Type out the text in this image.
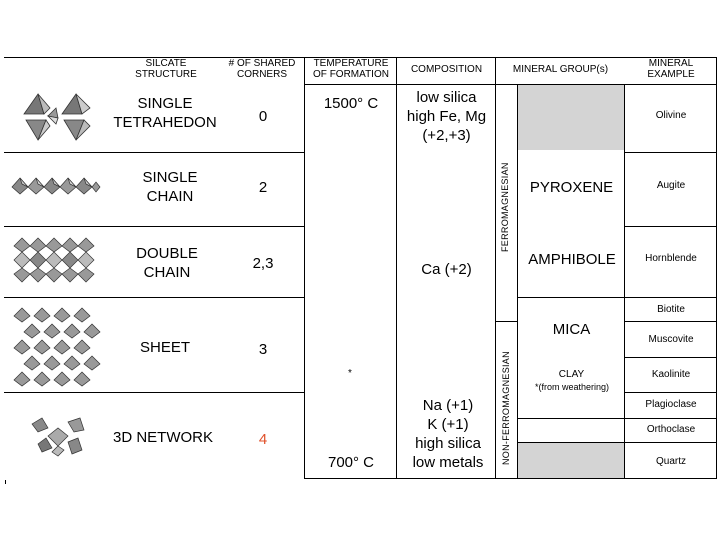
SILCATE
STRUCTURE
# OF SHARED
CORNERS
TEMPERATURE
OF FORMATION	COMPOSITION	MINERAL GROUP(s)
MINERAL
EXAMPLE
SINGLE
TETRAHEDON
SINGLE
CHAIN
DOUBLE
CHAIN
SHEET
3D NETWORK
0
2
2,3
3
4
1500° C
*
700° C
low silica
high Fe, Mg
(+2,+3)
Ca (+2)
Na (+1)
K (+1)
high silica
low metals
FERROMAGNESIAN
NON-FERROMAGNESIAN
PYROXENE
AMPHIBOLE
MICA
CLAY
*(from weathering)
Olivine
Augite
Hornblende
Biotite
Muscovite
Kaolinite
Plagioclase
Orthoclase
Quartz
